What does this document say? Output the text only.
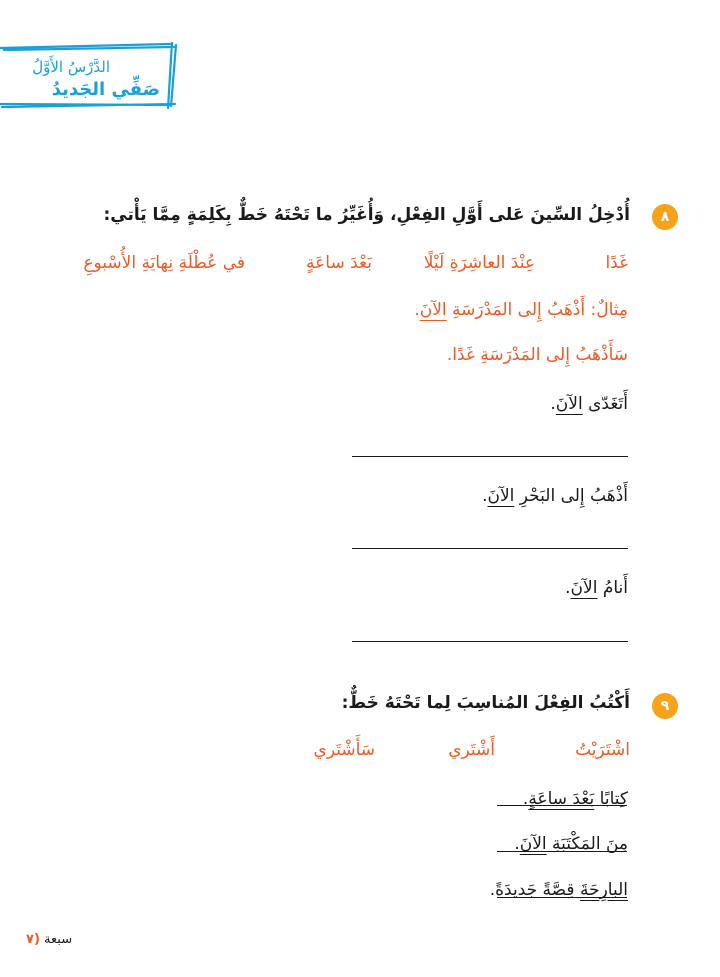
الدَّرْسُ الأَوَّلُ
صَفِّي الجَديدُ
٨
أُدْخِلُ السِّينَ عَلى أَوَّلِ الفِعْلِ، وَأُغَيِّرُ ما تَحْتَهُ خَطٌّ بِكَلِمَةٍ مِمَّا يَأْتي:
غَدًا
عِنْدَ العاشِرَةِ لَيْلًا
بَعْدَ ساعَةٍ
في عُطْلَةِ نِهايَةِ الأُسْبوعِ
مِثالٌ: أَذْهَبُ إِلى المَدْرَسَةِ الآنَ.
سَأَذْهَبُ إِلى المَدْرَسَةِ غَدًا.
أَتَغَدّى الآنَ.
أَذْهَبُ إِلى البَحْرِ الآنَ.
أَنامُ الآنَ.
٩
أَكْتُبُ الفِعْلَ المُناسِبَ لِما تَحْتَهُ خَطٌّ:
اشْتَرَيْتُ
أَشْتَري
سَأَشْتَري
كِتابًا بَعْدَ ساعَةٍ.
مِنَ المَكْتَبَةِ الآنَ.
البارِحَةَ قِصَّةً جَديدَةً.
سبعة (٧
